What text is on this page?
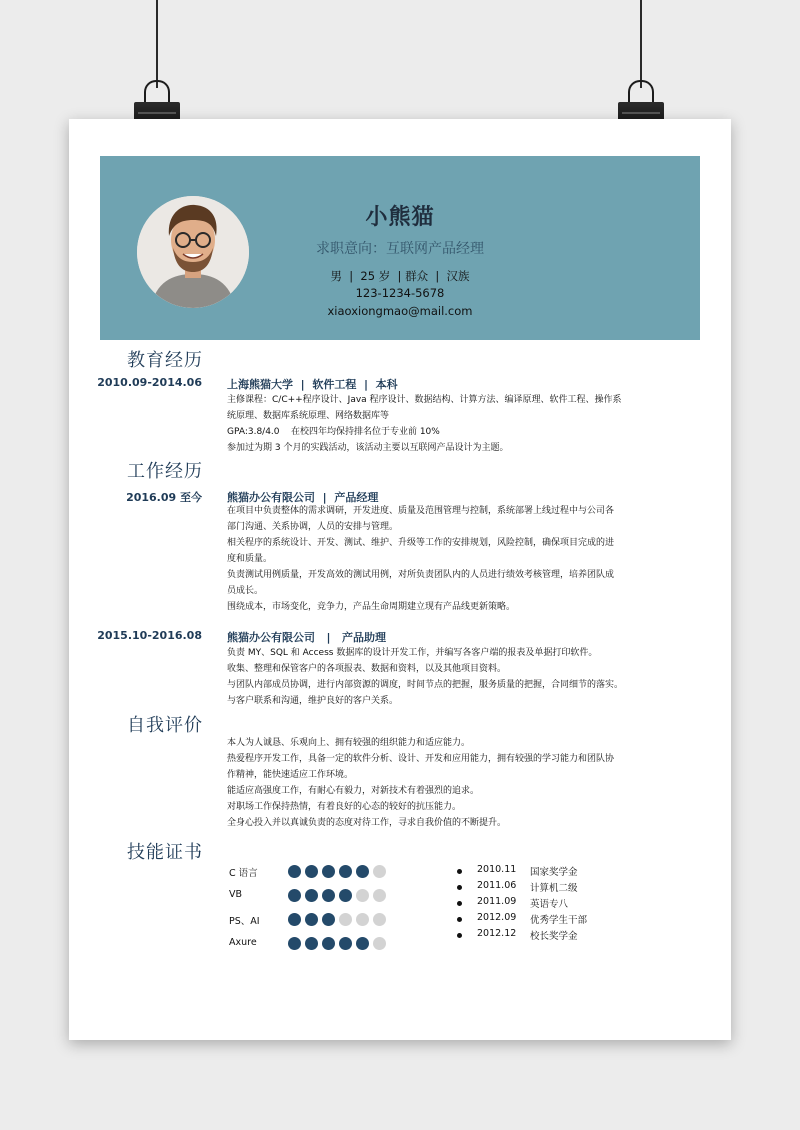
小熊猫
求职意向：互联网产品经理
男  |  25 岁  | 群众  |  汉族
123-1234-5678
xiaoxiongmao@mail.com
教育经历
2010.09-2014.06 上海熊猫大学  |  软件工程  |  本科
主修课程：C/C++程序设计、Java 程序设计、数据结构、计算方法、编译原理、软件工程、操作系
统原理、数据库系统原理、网络数据库等
GPA:3.8/4.0    在校四年均保持排名位于专业前 10%
参加过为期 3 个月的实践活动，该活动主要以互联网产品设计为主题。
工作经历
2016.09 至今 熊猫办公有限公司  |  产品经理
在项目中负责整体的需求调研，开发进度、质量及范围管理与控制，系统部署上线过程中与公司各
部门沟通、关系协调，人员的安排与管理。
相关程序的系统设计、开发、测试、维护、升级等工作的安排规划，风险控制，确保项目完成的进
度和质量。
负责测试用例质量，开发高效的测试用例，对所负责团队内的人员进行绩效考核管理，培养团队成
员成长。
围绕成本，市场变化，竞争力，产品生命周期建立现有产品线更新策略。
2015.10-2016.08 熊猫办公有限公司   |   产品助理
负责 MY、SQL 和 Access 数据库的设计开发工作，并编写各客户端的报表及单据打印软件。
收集、整理和保管客户的各项报表、数据和资料，以及其他项目资料。
与团队内部成员协调，进行内部资源的调度，时间节点的把握，服务质量的把握，合同细节的落实。
与客户联系和沟通，维护良好的客户关系。
自我评价
本人为人诚恳、乐观向上、拥有较强的组织能力和适应能力。
热爱程序开发工作，具备一定的软件分析、设计、开发和应用能力，拥有较强的学习能力和团队协
作精神，能快速适应工作环境。
能适应高强度工作，有耐心有毅力，对新技术有着强烈的追求。
对职场工作保持热情，有着良好的心态的较好的抗压能力。
全身心投入并以真诚负责的态度对待工作，寻求自我价值的不断提升。
技能证书
C 语言
VB
PS、AI
Axure
2010.11 国家奖学金
2011.06 计算机二级
2011.09 英语专八
2012.09 优秀学生干部
2012.12 校长奖学金
